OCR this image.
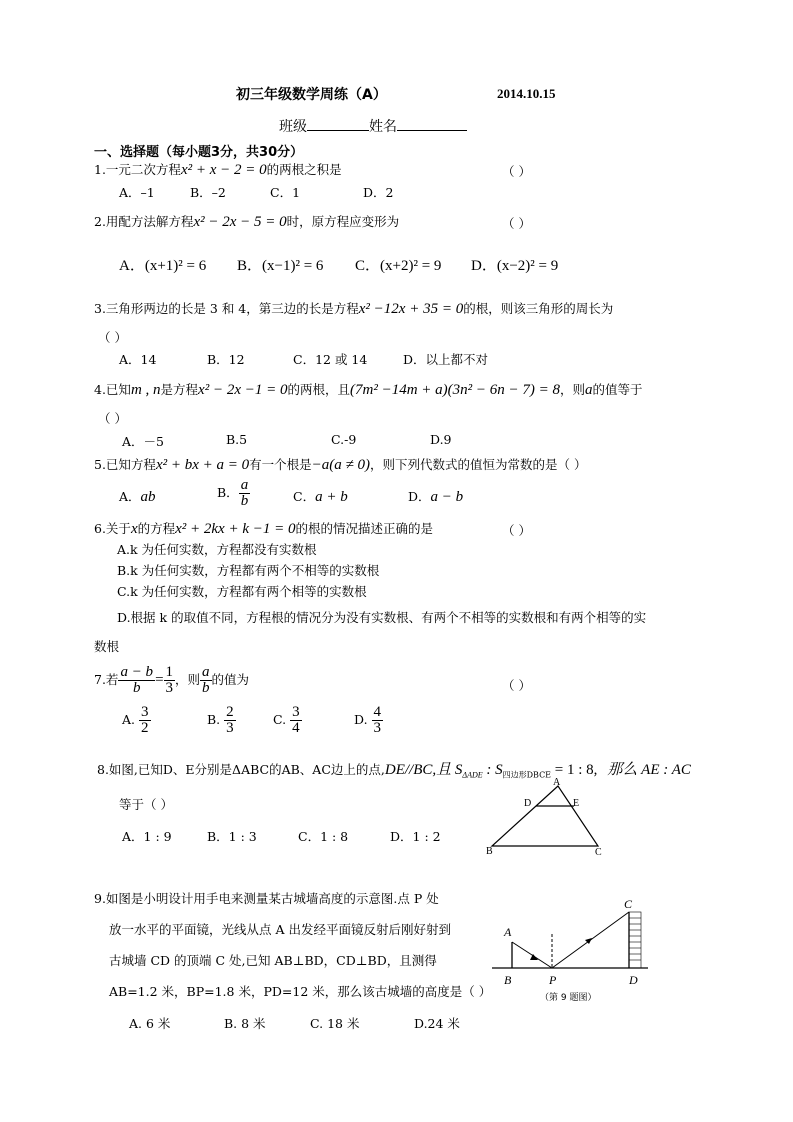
初三年级数学周练（A）	2014.10.15
班级	姓名
一、选择题（每小题3分，共30分）
1.一元二次方程x² + x − 2 = 0的两根之积是	（ ）
A．–1	B．–2	C．1	D．2
2.用配方法解方程x² − 2x − 5 = 0时，原方程应变形为	（ ）
A．(x+1)² = 6 B．(x−1)² = 6 C．(x+2)² = 9 D．(x−2)² = 9
3.三角形两边的长是 3 和 4，第三边的长是方程x² −12x + 35 = 0的根，则该三角形的周长为
（ ）
A．14	B．12	C．12 或 14	D．以上都不对
4.已知m , n是方程x² − 2x −1 = 0的两根，且(7m² −14m + a)(3n² − 6n − 7) = 8，则a的值等于
（ ）
A．－5	B.5	C.-9	D.9
5.已知方程x² + bx + a = 0有一个根是−a(a ≠ 0)，则下列代数式的值恒为常数的是（ ）
A．ab	B． $\frac{a}{b}$	C．a + b	D．a − b
6.关于x的方程x² + 2kx + k −1 = 0的根的情况描述正确的是	（ ）
A.k 为任何实数，方程都没有实数根
B.k 为任何实数，方程都有两个不相等的实数根
C.k 为任何实数，方程都有两个相等的实数根
D.根据 k 的取值不同，方程根的情况分为没有实数根、有两个不相等的实数根和有两个相等的实
数根
7.若 $\frac{a - b}{b} = \frac{1}{3}$ ，则 $\frac{a}{b}$ 的值为	（ ）
A. $\frac{3}{2}$	B. $\frac{2}{3}$	C. $\frac{3}{4}$	D. $\frac{4}{3}$
8.如图,已知D、E分别是ΔABC的AB、AC边上的点,DE//BC,且 $S_{\Delta ADE}$ : $S_{四边形DBCE} = 1$ : 8, 那么 AE : AC
等于（ ）
A．1 : 9	B．1 : 3	C．1 : 8	D．1 : 2
A
D	E
B	C
9.如图是小明设计用手电来测量某古城墙高度的示意图.点 P 处
放一水平的平面镜，光线从点 A 出发经平面镜反射后刚好射到
古城墙 CD 的顶端 C 处,已知 AB⊥BD，CD⊥BD，且测得
AB=1.2 米，BP=1.8 米，PD=12 米，那么该古城墙的高度是（ ）
A. 6 米	B. 8 米	C. 18 米	D.24 米
A
B
C
D
P
（第 9 题图）
